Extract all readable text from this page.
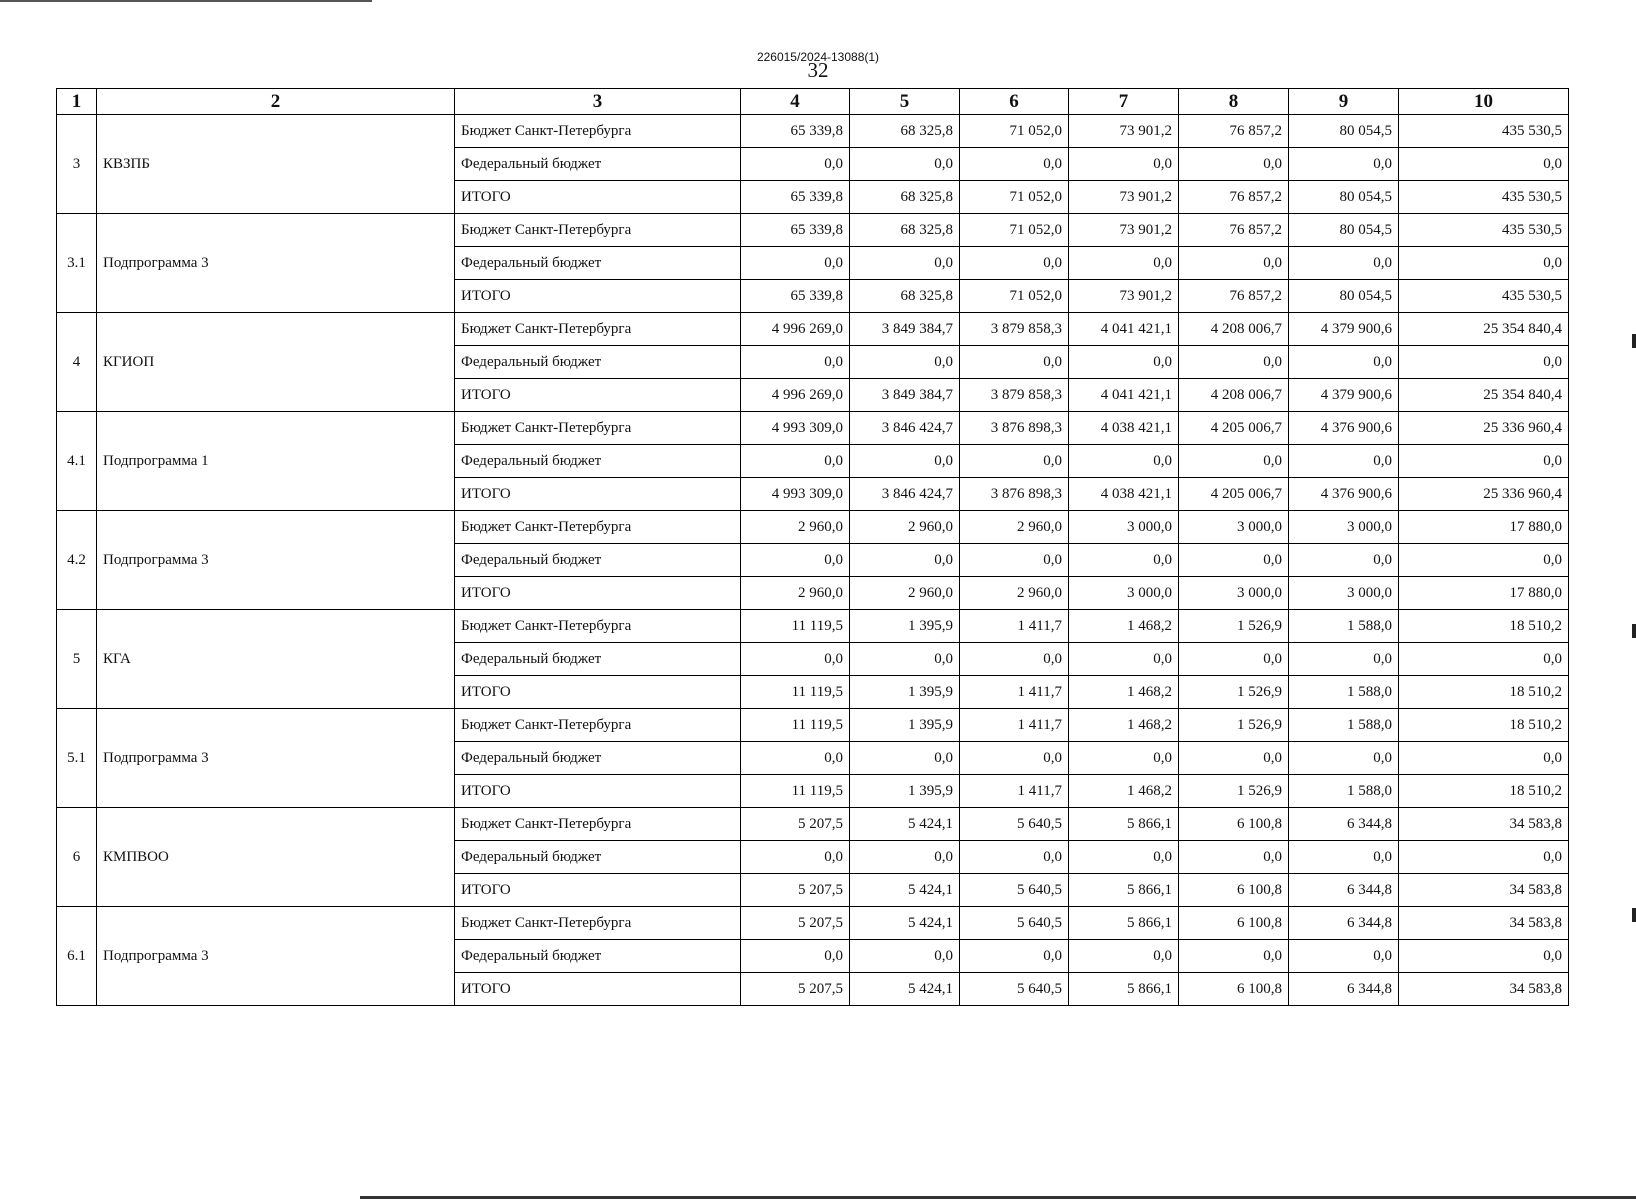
226015/2024-13088(1)
32
1	2	3	4	5	6	7	8	9	10
3	КВЗПБ	Бюджет Санкт-Петербурга	65 339,8	68 325,8	71 052,0	73 901,2	76 857,2	80 054,5	435 530,5
		Федеральный бюджет	0,0	0,0	0,0	0,0	0,0	0,0	0,0
		ИТОГО	65 339,8	68 325,8	71 052,0	73 901,2	76 857,2	80 054,5	435 530,5
3.1	Подпрограмма 3	Бюджет Санкт-Петербурга	65 339,8	68 325,8	71 052,0	73 901,2	76 857,2	80 054,5	435 530,5
		Федеральный бюджет	0,0	0,0	0,0	0,0	0,0	0,0	0,0
		ИТОГО	65 339,8	68 325,8	71 052,0	73 901,2	76 857,2	80 054,5	435 530,5
4	КГИОП	Бюджет Санкт-Петербурга	4 996 269,0	3 849 384,7	3 879 858,3	4 041 421,1	4 208 006,7	4 379 900,6	25 354 840,4
		Федеральный бюджет	0,0	0,0	0,0	0,0	0,0	0,0	0,0
		ИТОГО	4 996 269,0	3 849 384,7	3 879 858,3	4 041 421,1	4 208 006,7	4 379 900,6	25 354 840,4
4.1	Подпрограмма 1	Бюджет Санкт-Петербурга	4 993 309,0	3 846 424,7	3 876 898,3	4 038 421,1	4 205 006,7	4 376 900,6	25 336 960,4
		Федеральный бюджет	0,0	0,0	0,0	0,0	0,0	0,0	0,0
		ИТОГО	4 993 309,0	3 846 424,7	3 876 898,3	4 038 421,1	4 205 006,7	4 376 900,6	25 336 960,4
4.2	Подпрограмма 3	Бюджет Санкт-Петербурга	2 960,0	2 960,0	2 960,0	3 000,0	3 000,0	3 000,0	17 880,0
		Федеральный бюджет	0,0	0,0	0,0	0,0	0,0	0,0	0,0
		ИТОГО	2 960,0	2 960,0	2 960,0	3 000,0	3 000,0	3 000,0	17 880,0
5	КГА	Бюджет Санкт-Петербурга	11 119,5	1 395,9	1 411,7	1 468,2	1 526,9	1 588,0	18 510,2
		Федеральный бюджет	0,0	0,0	0,0	0,0	0,0	0,0	0,0
		ИТОГО	11 119,5	1 395,9	1 411,7	1 468,2	1 526,9	1 588,0	18 510,2
5.1	Подпрограмма 3	Бюджет Санкт-Петербурга	11 119,5	1 395,9	1 411,7	1 468,2	1 526,9	1 588,0	18 510,2
		Федеральный бюджет	0,0	0,0	0,0	0,0	0,0	0,0	0,0
		ИТОГО	11 119,5	1 395,9	1 411,7	1 468,2	1 526,9	1 588,0	18 510,2
6	КМПВОО	Бюджет Санкт-Петербурга	5 207,5	5 424,1	5 640,5	5 866,1	6 100,8	6 344,8	34 583,8
		Федеральный бюджет	0,0	0,0	0,0	0,0	0,0	0,0	0,0
		ИТОГО	5 207,5	5 424,1	5 640,5	5 866,1	6 100,8	6 344,8	34 583,8
6.1	Подпрограмма 3	Бюджет Санкт-Петербурга	5 207,5	5 424,1	5 640,5	5 866,1	6 100,8	6 344,8	34 583,8
		Федеральный бюджет	0,0	0,0	0,0	0,0	0,0	0,0	0,0
		ИТОГО	5 207,5	5 424,1	5 640,5	5 866,1	6 100,8	6 344,8	34 583,8
